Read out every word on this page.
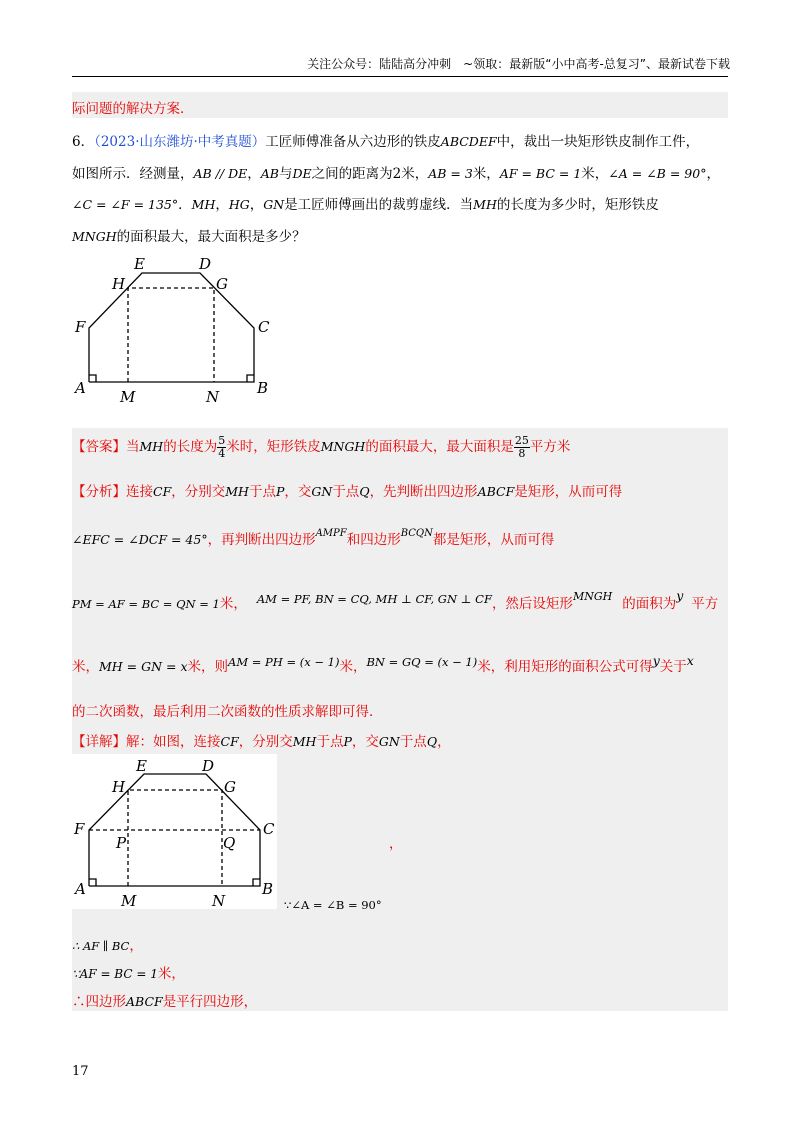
关注公众号：陆陆高分冲刺　~领取：最新版“小中高考-总复习”、最新试卷下载
际问题的解决方案．
6．（2023·山东潍坊·中考真题）工匠师傅准备从六边形的铁皮ABCDEF中，裁出一块矩形铁皮制作工件，
如图所示．经测量，AB // DE，AB与DE之间的距离为2米，AB = 3米，AF = BC = 1米，∠A = ∠B = 90°，
∠C = ∠F = 135°．MH，HG，GN是工匠师傅画出的裁剪虚线．当MH的长度为多少时，矩形铁皮
MNGH的面积最大，最大面积是多少？
A	B
C
D
E
F
G
H
M	N
【答案】当MH的长度为 $\frac{5}{4}$ 米时，矩形铁皮MNGH的面积最大，最大面积是 $\frac{25}{8}$ 平方米
【分析】连接CF，分别交MH于点P，交GN于点Q，先判断出四边形ABCF是矩形，从而可得
∠EFC = ∠DCF = 45°，再判断出四边形$^{AMPF}$和四边形$^{BCQN}$都是矩形，从而可得
PM = AF = BC = QN = 1米， AM = PF, BN = CQ, MH ⊥ CF, GN ⊥ CF，然后设矩形$^{MNGH}$ 的面积为y平方
米，MH = GN = x米，则AM = PH = (x − 1)米，BN = GQ = (x − 1)米，利用矩形的面积公式可得y关于x
的二次函数，最后利用二次函数的性质求解即可得．
【详解】解：如图，连接CF，分别交MH于点P，交GN于点Q，
A	B
C
D
E
F
G
H
M	N
P	Q	，
∵∠A = ∠B = 90°
∴ AF ∥ BC，
∵AF = BC = 1米，
∴四边形ABCF是平行四边形，
17
